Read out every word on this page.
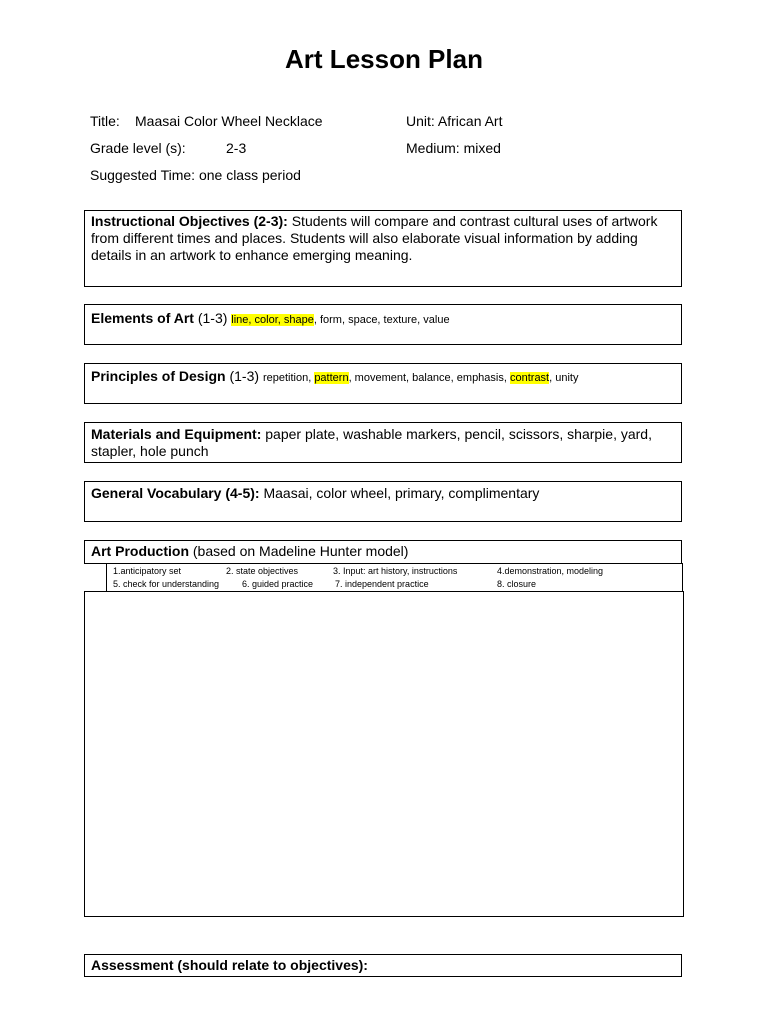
Art Lesson Plan
Title: Maasai Color Wheel Necklace	Unit: African Art
Grade level (s):	2-3	Medium: mixed
Suggested Time: one class period
Instructional Objectives (2-3): Students will compare and contrast cultural uses of artwork from different times and places. Students will also elaborate visual information by adding details in an artwork to enhance emerging meaning.
Elements of Art (1-3) line, color, shape, form, space, texture, value
Principles of Design (1-3) repetition, pattern, movement, balance, emphasis, contrast, unity
Materials and Equipment: paper plate, washable markers, pencil, scissors, sharpie, yard, stapler, hole punch
General Vocabulary (4-5): Maasai, color wheel, primary, complimentary
Art Production (based on Madeline Hunter model)
1.anticipatory set	2. state objectives	3. Input: art history, instructions	4.demonstration, modeling
5. check for understanding	6. guided practice 7. independent practice	8. closure
Assessment (should relate to objectives):
